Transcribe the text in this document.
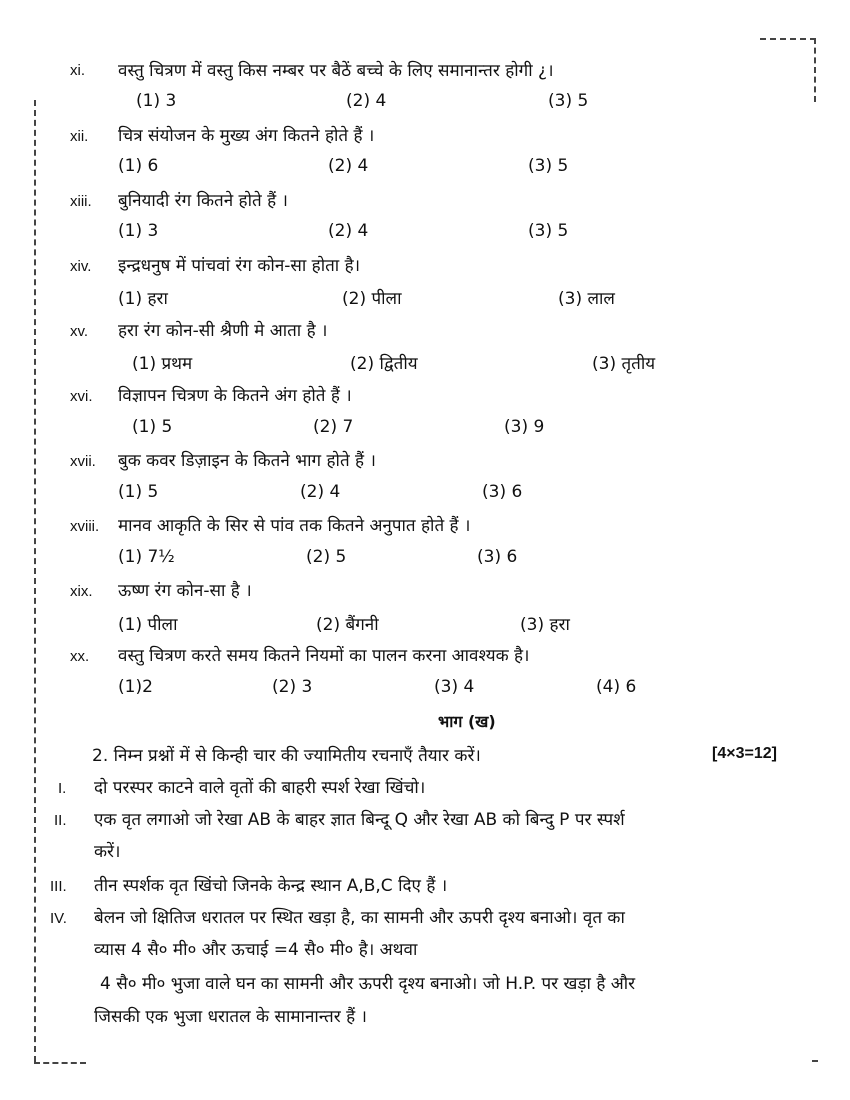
xi. वस्तु चित्रण में वस्तु किस नम्बर पर बैठें बच्चे के लिए समानान्तर होगी ¿।
(1) 3	(2) 4	(3) 5
xii. चित्र संयोजन के मुख्य अंग कितने होते हैं ।
(1) 6	(2) 4	(3) 5
xiii. बुनियादी रंग कितने होते हैं ।
(1) 3	(2) 4	(3) 5
xiv. इन्द्रधनुष में पांचवां रंग कोन-सा होता है।
(1) हरा	(2) पीला	(3) लाल
xv. हरा रंग कोन-सी श्रैणी मे आता है ।
(1) प्रथम	(2) द्वितीय	(3) तृतीय
xvi. विज्ञापन चित्रण के कितने अंग होते हैं ।
(1) 5	(2) 7	(3) 9
xvii. बुक कवर डिज़ाइन के कितने भाग होते हैं ।
(1) 5	(2) 4	(3) 6
xviii. मानव आकृति के सिर से पांव तक कितने अनुपात होते हैं ।
(1) 7½	(2) 5	(3) 6
xix. ऊष्ण रंग कोन-सा है ।
(1) पीला	(2) बैंगनी	(3) हरा
xx. वस्तु चित्रण करते समय कितने नियमों का पालन करना आवश्यक है।
(1)2	(2) 3	(3) 4	(4) 6
भाग (ख)
2. निम्न प्रश्नों में से किन्ही चार की ज्यामितीय रचनाएँ तैयार करें।	[4×3=12]
I. दो परस्पर काटने वाले वृतों की बाहरी स्पर्श रेखा खिंचो।
II. एक वृत लगाओ जो रेखा AB के बाहर ज्ञात बिन्दू Q और रेखा AB को बिन्दु P पर स्पर्श
करें।
III. तीन स्पर्शक वृत खिंचो जिनके केन्द्र स्थान A,B,C दिए हैं ।
IV. बेलन जो क्षितिज धरातल पर स्थित खड़ा है, का सामनी और ऊपरी दृश्य बनाओ। वृत का
व्यास 4 सै० मी० और ऊचाई =4 सै० मी० है। अथवा
4 सै० मी० भुजा वाले घन का सामनी और ऊपरी दृश्य बनाओ। जो H.P. पर खड़ा है और
जिसकी एक भुजा धरातल के सामानान्तर हैं ।
